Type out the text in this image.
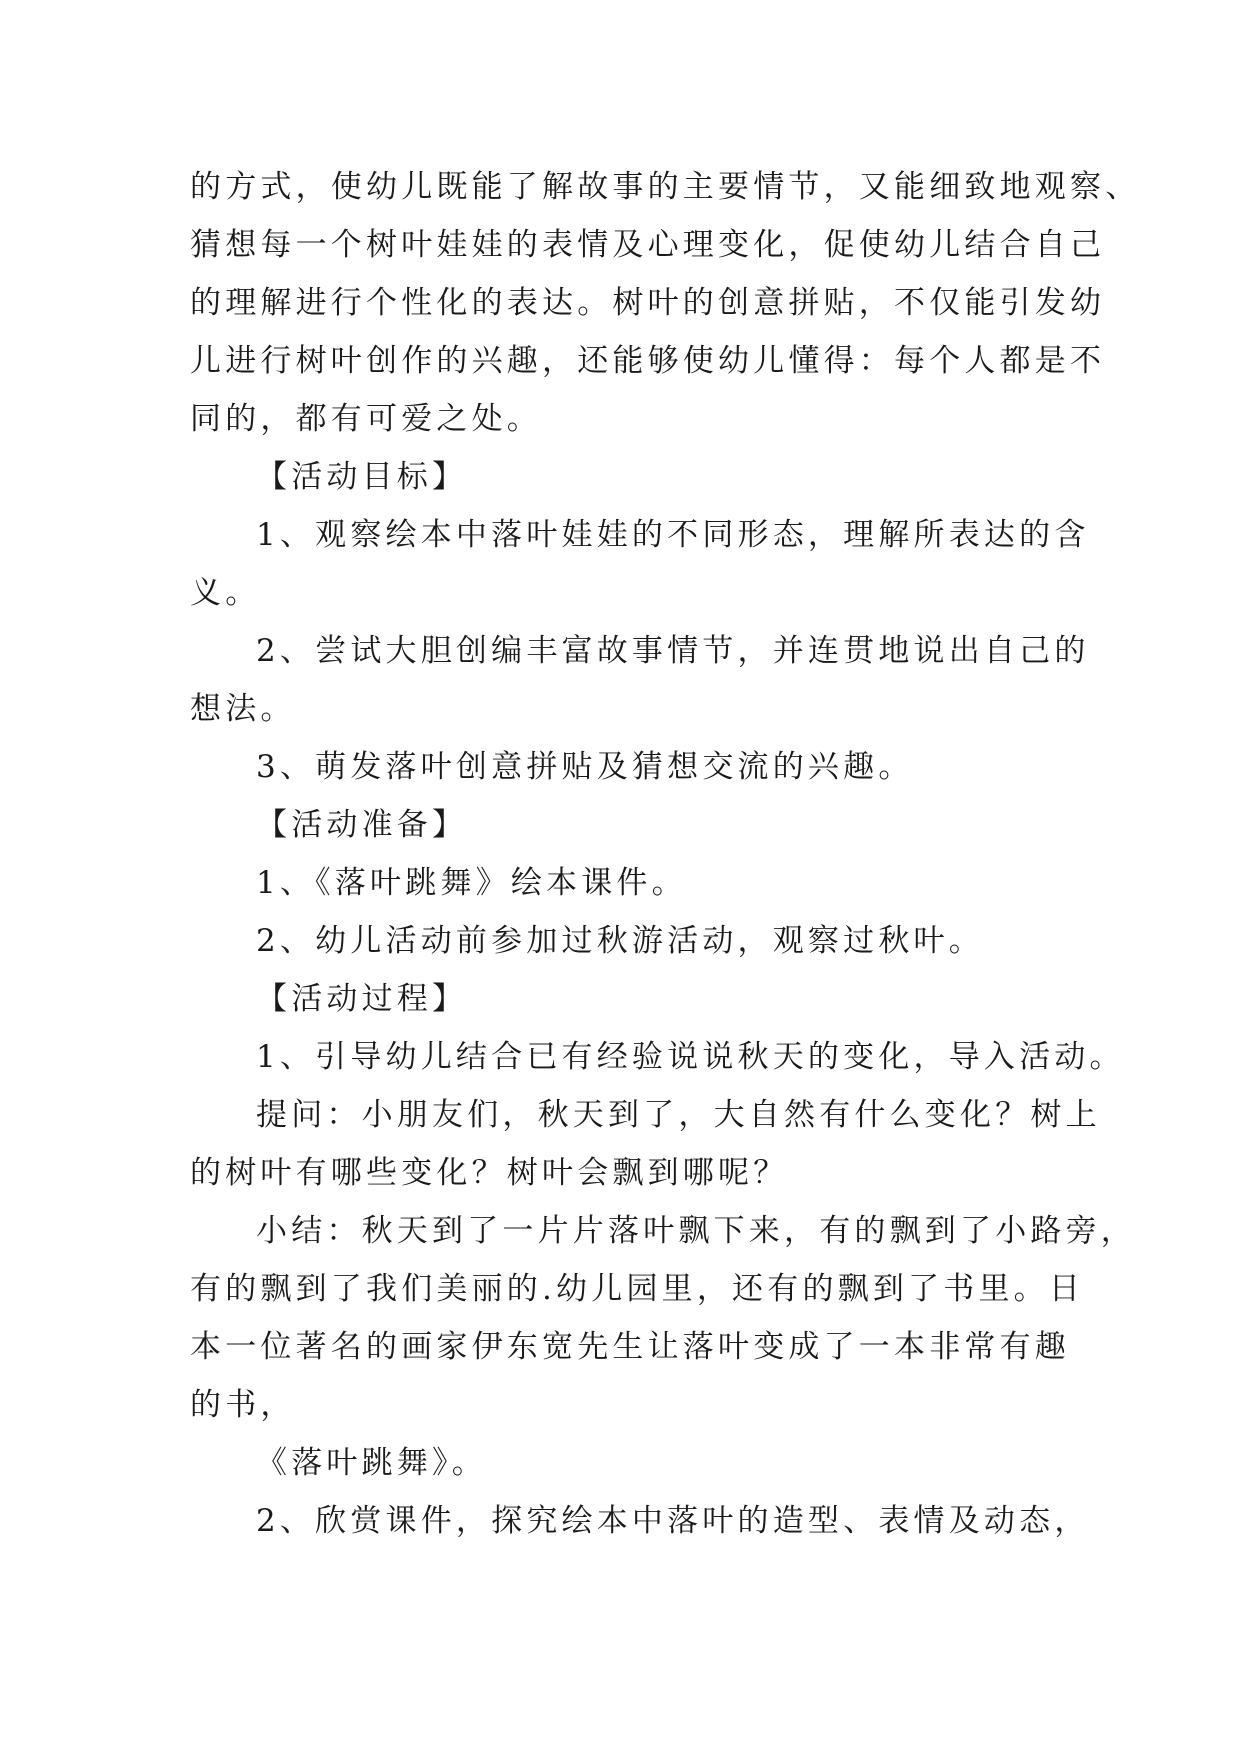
的方式，使幼儿既能了解故事的主要情节，又能细致地观察、
猜想每一个树叶娃娃的表情及心理变化，促使幼儿结合自己
的理解进行个性化的表达。树叶的创意拼贴，不仅能引发幼
儿进行树叶创作的兴趣，还能够使幼儿懂得：每个人都是不
同的，都有可爱之处。
【活动目标】
1、观察绘本中落叶娃娃的不同形态，理解所表达的含
义。
2、尝试大胆创编丰富故事情节，并连贯地说出自己的
想法。
3、萌发落叶创意拼贴及猜想交流的兴趣。
【活动准备】
1、《落叶跳舞》绘本课件。
2、幼儿活动前参加过秋游活动，观察过秋叶。
【活动过程】
1、引导幼儿结合已有经验说说秋天的变化，导入活动。
提问：小朋友们，秋天到了，大自然有什么变化？树上
的树叶有哪些变化？树叶会飘到哪呢？
小结：秋天到了一片片落叶飘下来，有的飘到了小路旁，
有的飘到了我们美丽的.幼儿园里，还有的飘到了书里。日
本一位著名的画家伊东宽先生让落叶变成了一本非常有趣
的书，
《落叶跳舞》。
2、欣赏课件，探究绘本中落叶的造型、表情及动态，
